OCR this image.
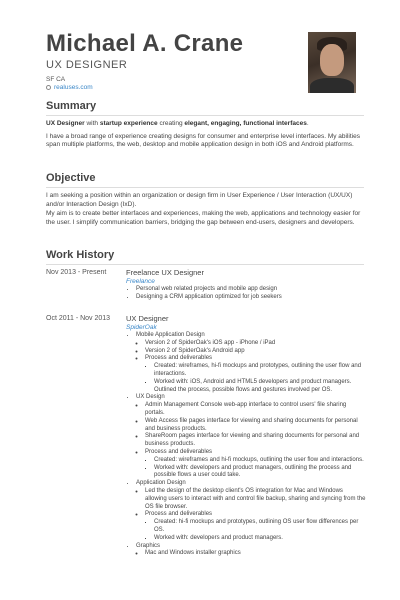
Michael A. Crane
UX DESIGNER
SF CA
realuses.com
Summary
UX Designer with startup experience creating elegant, engaging, functional interfaces.
I have a broad range of experience creating designs for consumer and enterprise level interfaces. My abilities span multiple platforms, the web, desktop and mobile application design in both iOS and Android platforms.
Objective
I am seeking a position within an organization or design firm in User Experience / User Interaction (UX/UX) and/or Interaction Design (IxD).
My aim is to create better interfaces and experiences, making the web, applications and technology easier for the user. I simplify communication barriers, bridging the gap between end-users, designers and developers.
Work History
Nov 2013 - Present	Freelance UX Designer
Freelance
• Personal web related projects and mobile app design
• Designing a CRM application optimized for job seekers
Oct 2011 - Nov 2013	UX Designer
SpiderOak
• Mobile Application Design
◦ Version 2 of SpiderOak's iOS app - iPhone / iPad
◦ Version 2 of SpiderOak's Android app
◦ Process and deliverables
▪ Created: wireframes, hi-fi mockups and prototypes, outlining the user flow and interactions.
▪ Worked with: iOS, Android and HTML5 developers and product managers. Outlined the process, possible flows and gestures involved per OS.
• UX Design
◦ Admin Management Console web-app interface to control users' file sharing portals.
◦ Web Access file pages interface for viewing and sharing documents for personal and business products.
◦ ShareRoom pages interface for viewing and sharing documents for personal and business products.
◦ Process and deliverables
▪ Created: wireframes and hi-fi mockups, outlining the user flow and interactions.
▪ Worked with: developers and product managers, outlining the process and possible flows a user could take.
• Application Design
◦ Led the design of the desktop client's OS integration for Mac and Windows allowing users to interact with and control file backup, sharing and syncing from the OS file browser.
◦ Process and deliverables
▪ Created: hi-fi mockups and prototypes, outlining OS user flow differences per OS.
▪ Worked with: developers and product managers.
• Graphics
◦ Mac and Windows installer graphics
